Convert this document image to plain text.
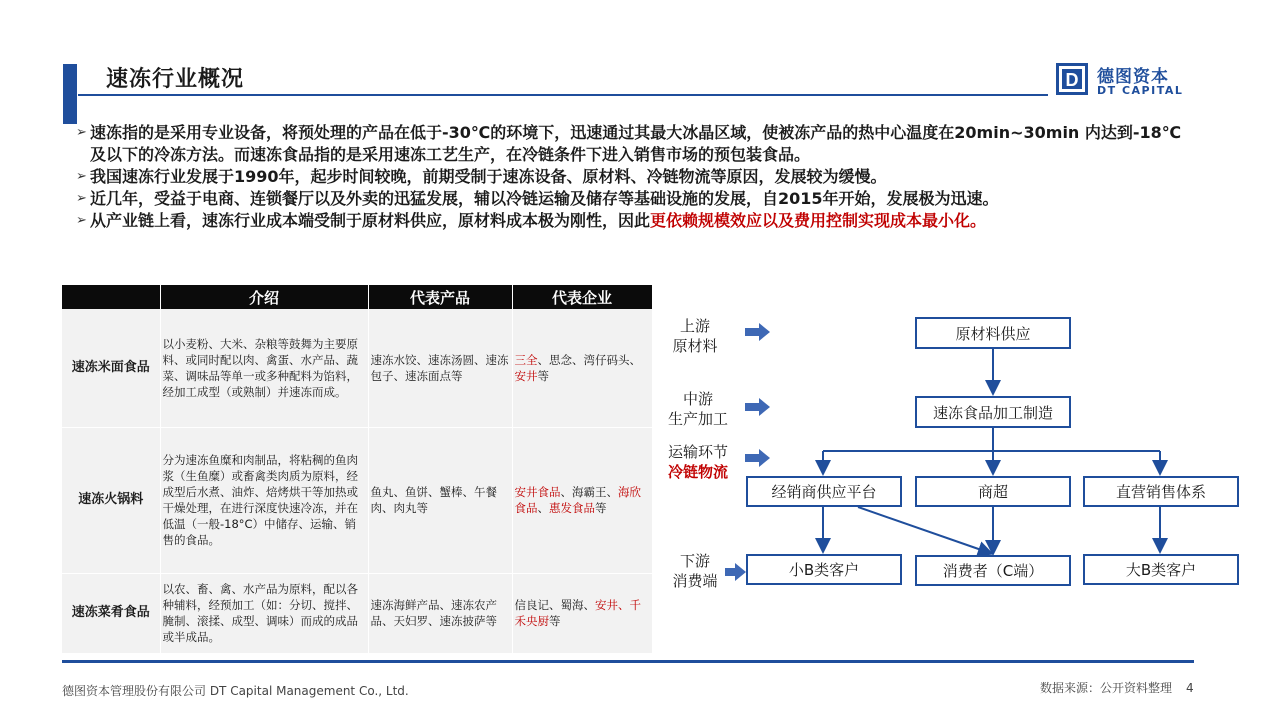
速冻行业概况	D 德图资本
DT CAPITAL
➢ 速冻指的是采用专业设备，将预处理的产品在低于-30℃的环境下，迅速通过其最大冰晶区域，使被冻产品的热中心温度在20min~30min 内达到-18℃及以下的冷冻方法。而速冻食品指的是采用速冻工艺生产，在冷链条件下进入销售市场的预包装食品。
➢ 我国速冻行业发展于1990年，起步时间较晚，前期受制于速冻设备、原材料、冷链物流等原因，发展较为缓慢。
➢ 近几年，受益于电商、连锁餐厅以及外卖的迅猛发展，辅以冷链运输及储存等基础设施的发展，自2015年开始，发展极为迅速。
➢ 从产业链上看，速冻行业成本端受制于原材料供应，原材料成本极为刚性，因此更依赖规模效应以及费用控制实现成本最小化。
	介绍	代表产品	代表企业
速冻米面食品	以小麦粉、大米、杂粮等鼓舞为主要原料、或同时配以肉、禽蛋、水产品、蔬菜、调味品等单一或多种配料为馅料，经加工成型（或熟制）并速冻而成。	速冻水饺、速冻汤圆、速冻包子、速冻面点等	三全、思念、湾仔码头、安井等
速冻火锅料	分为速冻鱼糜和肉制品，将粘稠的鱼肉浆（生鱼糜）或畜禽类肉质为原料，经成型后水煮、油炸、焙烤烘干等加热或干燥处理，在进行深度快速冷冻，并在低温（一般-18°C）中储存、运输、销售的食品。	鱼丸、鱼饼、蟹棒、午餐肉、肉丸等	安井食品、海霸王、海欣食品、惠发食品等
速冻菜肴食品	以农、畜、禽、水产品为原料，配以各种辅料，经预加工（如：分切、搅拌、腌制、滚揉、成型、调味）而成的成品或半成品。	速冻海鲜产品、速冻农产品、天妇罗、速冻披萨等	信良记、蜀海、安井、千禾央厨等
上游
原材料
中游
生产加工
运输环节
冷链物流
下游
消费端
原材料供应
速冻食品加工制造
经销商供应平台	商超	直营销售体系
小B类客户	消费者（C端）	大B类客户
德图资本管理股份有限公司 DT Capital Management Co., Ltd.	数据来源：公开资料整理 4
